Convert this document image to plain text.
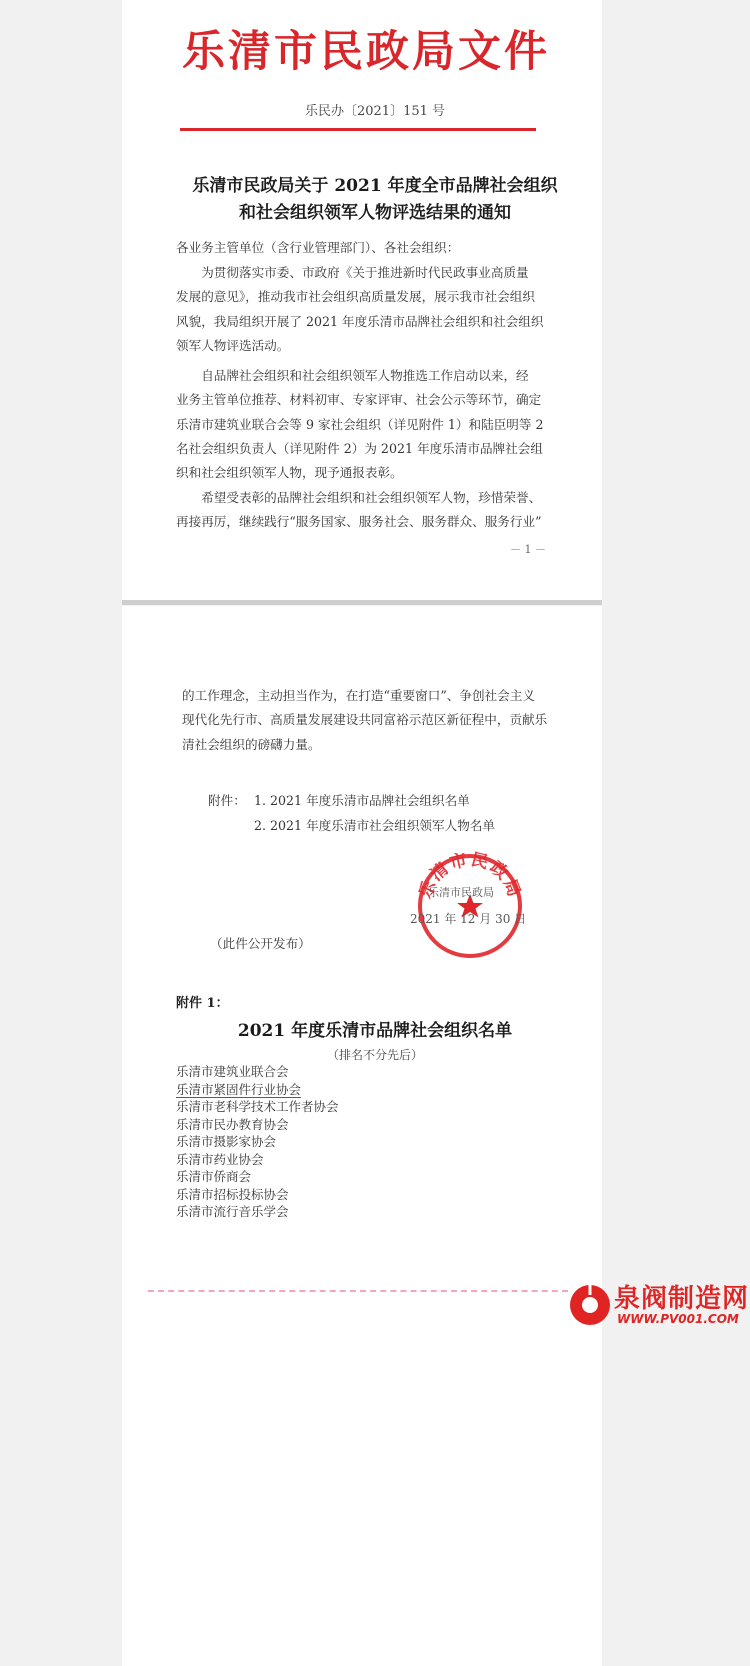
乐清市民政局文件
乐民办〔2021〕151 号
乐清市民政局关于 2021 年度全市品牌社会组织
和社会组织领军人物评选结果的通知
各业务主管单位（含行业管理部门）、各社会组织：
　　为贯彻落实市委、市政府《关于推进新时代民政事业高质量
发展的意见》，推动我市社会组织高质量发展，展示我市社会组织
风貌，我局组织开展了 2021 年度乐清市品牌社会组织和社会组织
领军人物评选活动。
　　自品牌社会组织和社会组织领军人物推选工作启动以来，经
业务主管单位推荐、材料初审、专家评审、社会公示等环节，确定
乐清市建筑业联合会等 9 家社会组织（详见附件 1）和陆臣明等 2
名社会组织负责人（详见附件 2）为 2021 年度乐清市品牌社会组
织和社会组织领军人物，现予通报表彰。
　　希望受表彰的品牌社会组织和社会组织领军人物，珍惜荣誉、
再接再厉，继续践行“服务国家、服务社会、服务群众、服务行业”
－ 1 －
的工作理念，主动担当作为，在打造“重要窗口”、争创社会主义
现代化先行市、高质量发展建设共同富裕示范区新征程中，贡献乐
清社会组织的磅礴力量。
附件： 1. 2021 年度乐清市品牌社会组织名单
2. 2021 年度乐清市社会组织领军人物名单
乐清市民政局
乐清市民政局
2021 年 12 月 30 日
（此件公开发布）
附件 1：
2021 年度乐清市品牌社会组织名单
（排名不分先后）
乐清市建筑业联合会
乐清市紧固件行业协会
乐清市老科学技术工作者协会
乐清市民办教育协会
乐清市摄影家协会
乐清市药业协会
乐清市侨商会
乐清市招标投标协会
乐清市流行音乐学会
泉阀制造网
WWW.PV001.COM
